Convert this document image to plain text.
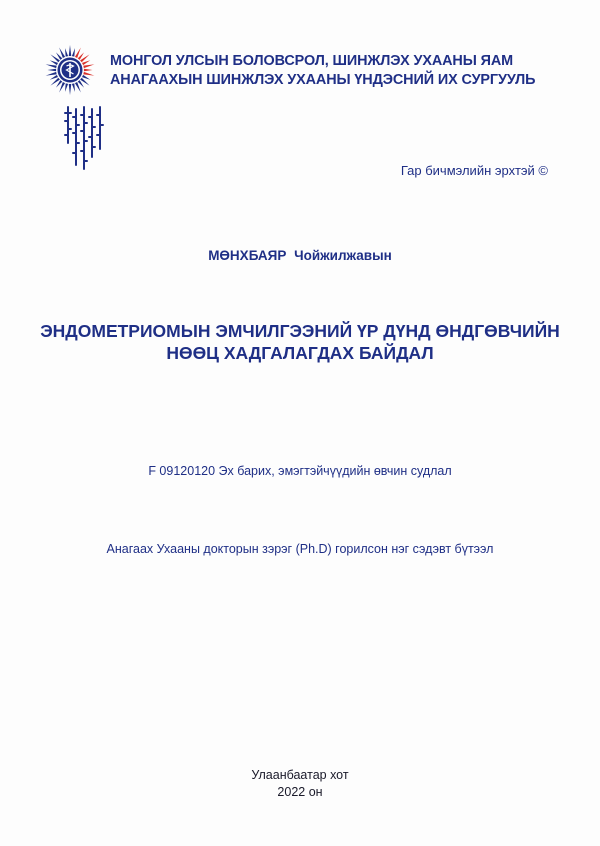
МОНГОЛ УЛСЫН БОЛОВСРОЛ, ШИНЖЛЭХ УХААНЫ ЯАМ
АНАГААХЫН ШИНЖЛЭХ УХААНЫ ҮНДЭСНИЙ ИХ СУРГУУЛЬ
Гар бичмэлийн эрхтэй ©
МӨНХБАЯР Чойжилжавын
ЭНДОМЕТРИОМЫН ЭМЧИЛГЭЭНИЙ ҮР ДҮНД ӨНДГӨВЧИЙН
НӨӨЦ ХАДГАЛАГДАХ БАЙДАЛ
F 09120120 Эх барих, эмэгтэйчүүдийн өвчин судлал
Анагаах Ухааны докторын зэрэг (Ph.D) горилсон нэг сэдэвт бүтээл
Улаанбаатар хот
2022 он
